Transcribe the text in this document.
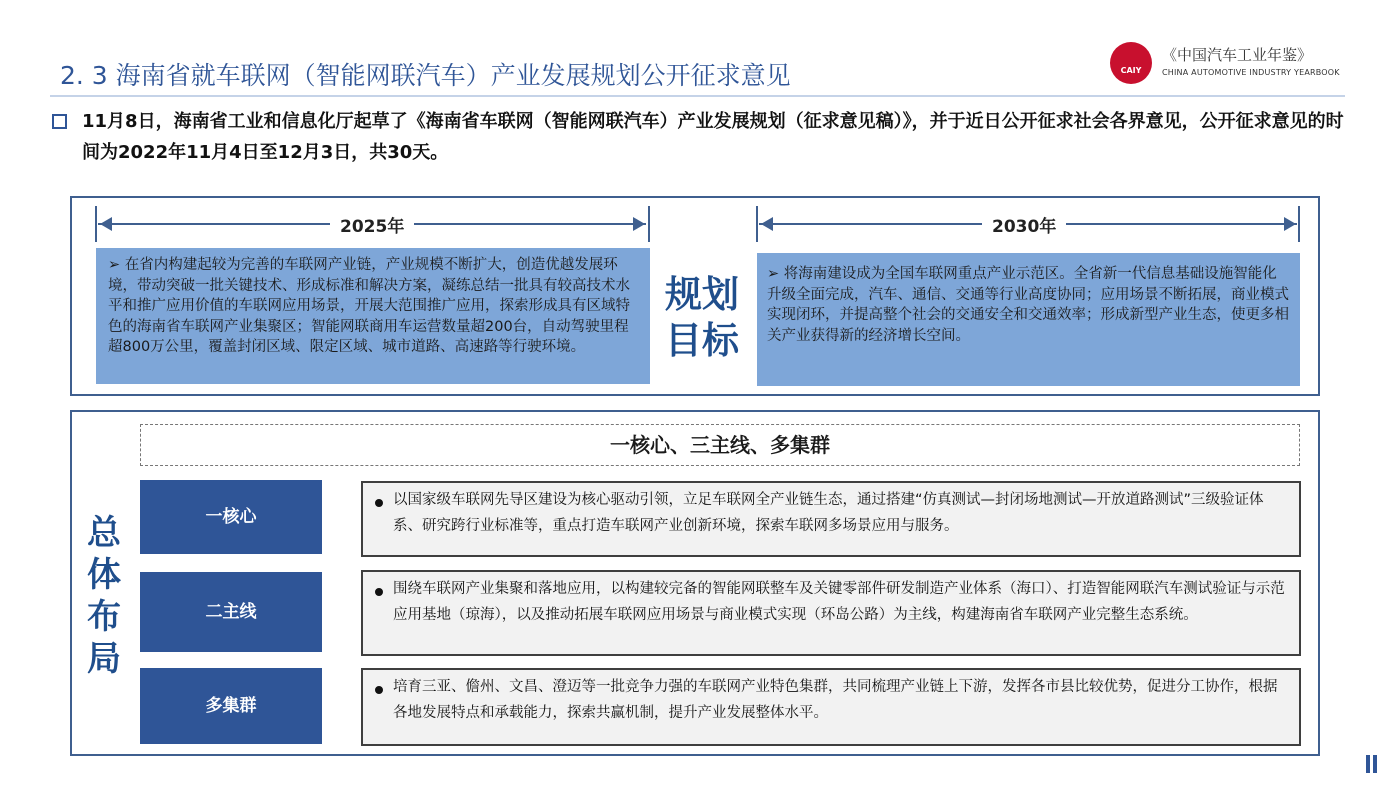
2. 3 海南省就车联网（智能网联汽车）产业发展规划公开征求意见	CAIY
《中国汽车工业年鉴》
CHINA AUTOMOTIVE INDUSTRY YEARBOOK
11月8日，海南省工业和信息化厅起草了《海南省车联网（智能网联汽车）产业发展规划（征求意见稿）》，并于近日公开征求社会各界意见，公开征求意见的时间为2022年11月4日至12月3日，共30天。
2025年
➢ 在省内构建起较为完善的车联网产业链，产业规模不断扩大，创造优越发展环境，带动突破一批关键技术、形成标准和解决方案，凝练总结一批具有较高技术水平和推广应用价值的车联网应用场景，开展大范围推广应用，探索形成具有区域特色的海南省车联网产业集聚区；智能网联商用车运营数量超200台，自动驾驶里程超800万公里，覆盖封闭区域、限定区域、城市道路、高速路等行驶环境。
规划
目标
2030年
➢ 将海南建设成为全国车联网重点产业示范区。全省新一代信息基础设施智能化升级全面完成，汽车、通信、交通等行业高度协同；应用场景不断拓展，商业模式实现闭环，并提高整个社会的交通安全和交通效率；形成新型产业生态，使更多相关产业获得新的经济增长空间。
一核心、三主线、多集群
总
体
布
局
一核心
以国家级车联网先导区建设为核心驱动引领，立足车联网全产业链生态，通过搭建“仿真测试—封闭场地测试—开放道路测试”三级验证体系、研究跨行业标准等，重点打造车联网产业创新环境，探索车联网多场景应用与服务。
二主线
围绕车联网产业集聚和落地应用，以构建较完备的智能网联整车及关键零部件研发制造产业体系（海口）、打造智能网联汽车测试验证与示范应用基地（琼海），以及推动拓展车联网应用场景与商业模式实现（环岛公路）为主线，构建海南省车联网产业完整生态系统。
多集群
培育三亚、儋州、文昌、澄迈等一批竞争力强的车联网产业特色集群，共同梳理产业链上下游，发挥各市县比较优势，促进分工协作，根据各地发展特点和承载能力，探索共赢机制，提升产业发展整体水平。
